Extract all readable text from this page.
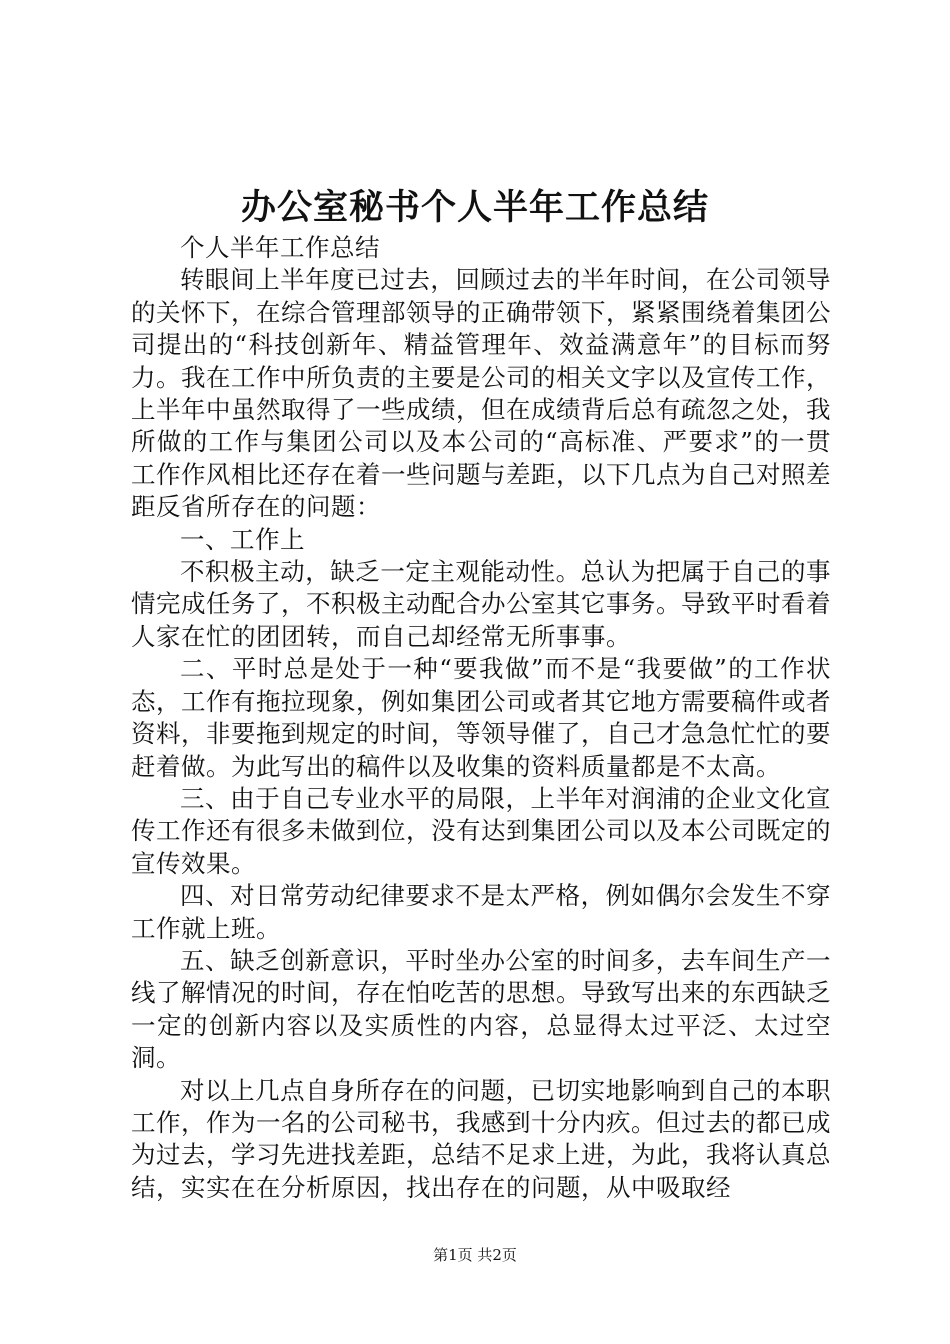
办公室秘书个人半年工作总结

个人半年工作总结

转眼间上半年度已过去，回顾过去的半年时间，在公司领导的关怀下，在综合管理部领导的正确带领下，紧紧围绕着集团公司提出的“科技创新年、精益管理年、效益满意年”的目标而努力。我在工作中所负责的主要是公司的相关文字以及宣传工作，上半年中虽然取得了一些成绩，但在成绩背后总有疏忽之处，我所做的工作与集团公司以及本公司的“高标准、严要求”的一贯工作作风相比还存在着一些问题与差距，以下几点为自己对照差距反省所存在的问题：

一、工作上

不积极主动，缺乏一定主观能动性。总认为把属于自己的事情完成任务了，不积极主动配合办公室其它事务。导致平时看着人家在忙的团团转，而自己却经常无所事事。

二、平时总是处于一种“要我做”而不是“我要做”的工作状态，工作有拖拉现象，例如集团公司或者其它地方需要稿件或者资料，非要拖到规定的时间，等领导催了，自己才急急忙忙的要赶着做。为此写出的稿件以及收集的资料质量都是不太高。

三、由于自己专业水平的局限，上半年对润浦的企业文化宣传工作还有很多未做到位，没有达到集团公司以及本公司既定的宣传效果。

四、对日常劳动纪律要求不是太严格，例如偶尔会发生不穿工作就上班。

五、缺乏创新意识，平时坐办公室的时间多，去车间生产一线了解情况的时间，存在怕吃苦的思想。导致写出来的东西缺乏一定的创新内容以及实质性的内容，总显得太过平泛、太过空洞。

对以上几点自身所存在的问题，已切实地影响到自己的本职工作，作为一名的公司秘书，我感到十分内疚。但过去的都已成为过去，学习先进找差距，总结不足求上进，为此，我将认真总结，实实在在分析原因，找出存在的问题，从中吸取经

第1页 共2页
